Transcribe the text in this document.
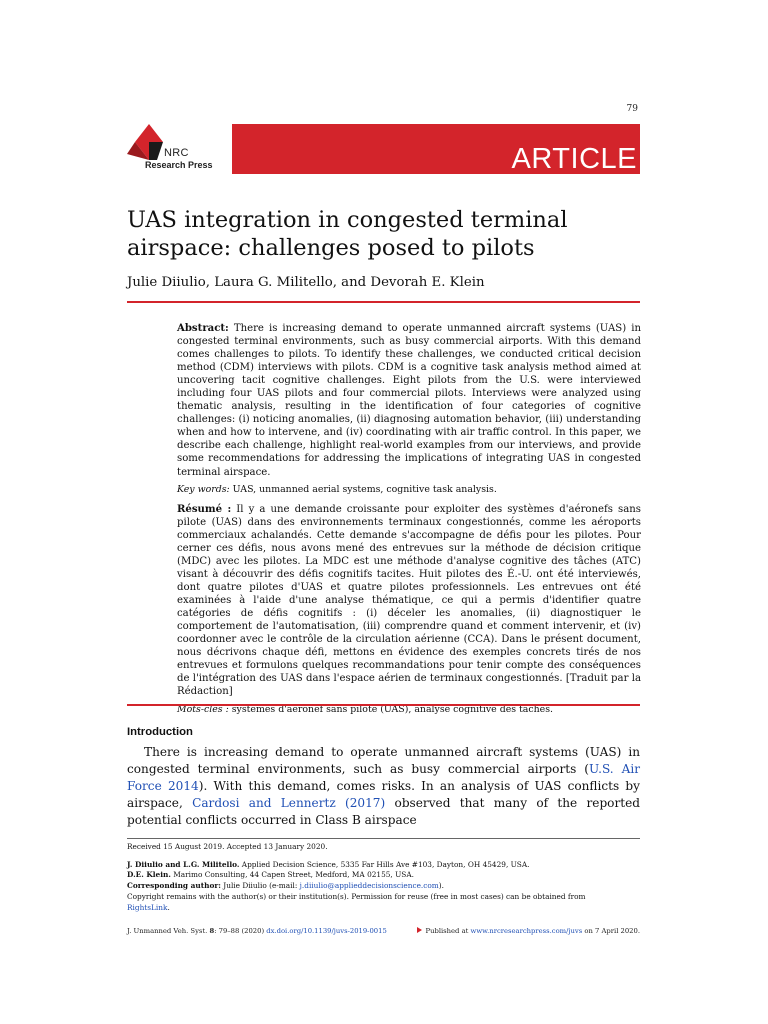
79
NRC
Research Press	ARTICLE
UAS integration in congested terminal
airspace: challenges posed to pilots
Julie Diiulio, Laura G. Militello, and Devorah E. Klein

Abstract: There is increasing demand to operate unmanned aircraft systems (UAS) in congested terminal environments, such as busy commercial airports. With this demand comes challenges to pilots. To identify these challenges, we conducted critical decision method (CDM) interviews with pilots. CDM is a cognitive task analysis method aimed at uncovering tacit cognitive challenges. Eight pilots from the U.S. were interviewed including four UAS pilots and four commercial pilots. Interviews were analyzed using thematic analysis, resulting in the identification of four categories of cognitive challenges: (i) noticing anomalies, (ii) diagnosing automation behavior, (iii) understanding when and how to intervene, and (iv) coordinating with air traffic control. In this paper, we describe each challenge, highlight real-world examples from our interviews, and provide some recommendations for addressing the implications of integrating UAS in congested terminal airspace.

Key words: UAS, unmanned aerial systems, cognitive task analysis.

Résumé : Il y a une demande croissante pour exploiter des systèmes d'aéronefs sans pilote (UAS) dans des environnements terminaux congestionnés, comme les aéroports commerciaux achalandés. Cette demande s'accompagne de défis pour les pilotes. Pour cerner ces défis, nous avons mené des entrevues sur la méthode de décision critique (MDC) avec les pilotes. La MDC est une méthode d'analyse cognitive des tâches (ATC) visant à découvrir des défis cognitifs tacites. Huit pilotes des É.-U. ont été interviewés, dont quatre pilotes d'UAS et quatre pilotes professionnels. Les entrevues ont été examinées à l'aide d'une analyse thématique, ce qui a permis d'identifier quatre catégories de défis cognitifs : (i) déceler les anomalies, (ii) diagnostiquer le comportement de l'automatisation, (iii) comprendre quand et comment intervenir, et (iv) coordonner avec le contrôle de la circulation aérienne (CCA). Dans le présent document, nous décrivons chaque défi, mettons en évidence des exemples concrets tirés de nos entrevues et formulons quelques recommandations pour tenir compte des conséquences de l'intégration des UAS dans l'espace aérien de terminaux congestionnés. [Traduit par la Rédaction]

Mots-clés : systèmes d'aéronef sans pilote (UAS), analyse cognitive des tâches.

Introduction

There is increasing demand to operate unmanned aircraft systems (UAS) in congested terminal environments, such as busy commercial airports (U.S. Air Force 2014). With this demand, comes risks. In an analysis of UAS conflicts by airspace, Cardosi and Lennertz (2017) observed that many of the reported potential conflicts occurred in Class B airspace

Received 15 August 2019. Accepted 13 January 2020.
J. Diiulio and L.G. Militello. Applied Decision Science, 5335 Far Hills Ave #103, Dayton, OH 45429, USA.
D.E. Klein. Marimo Consulting, 44 Capen Street, Medford, MA 02155, USA.
Corresponding author: Julie Diiulio (e-mail: j.diiulio@applieddecisionscience.com).
Copyright remains with the author(s) or their institution(s). Permission for reuse (free in most cases) can be obtained from
RightsLink.
J. Unmanned Veh. Syst. 8: 79–88 (2020) dx.doi.org/10.1139/juvs-2019-0015	Published at www.nrcresearchpress.com/juvs on 7 April 2020.
